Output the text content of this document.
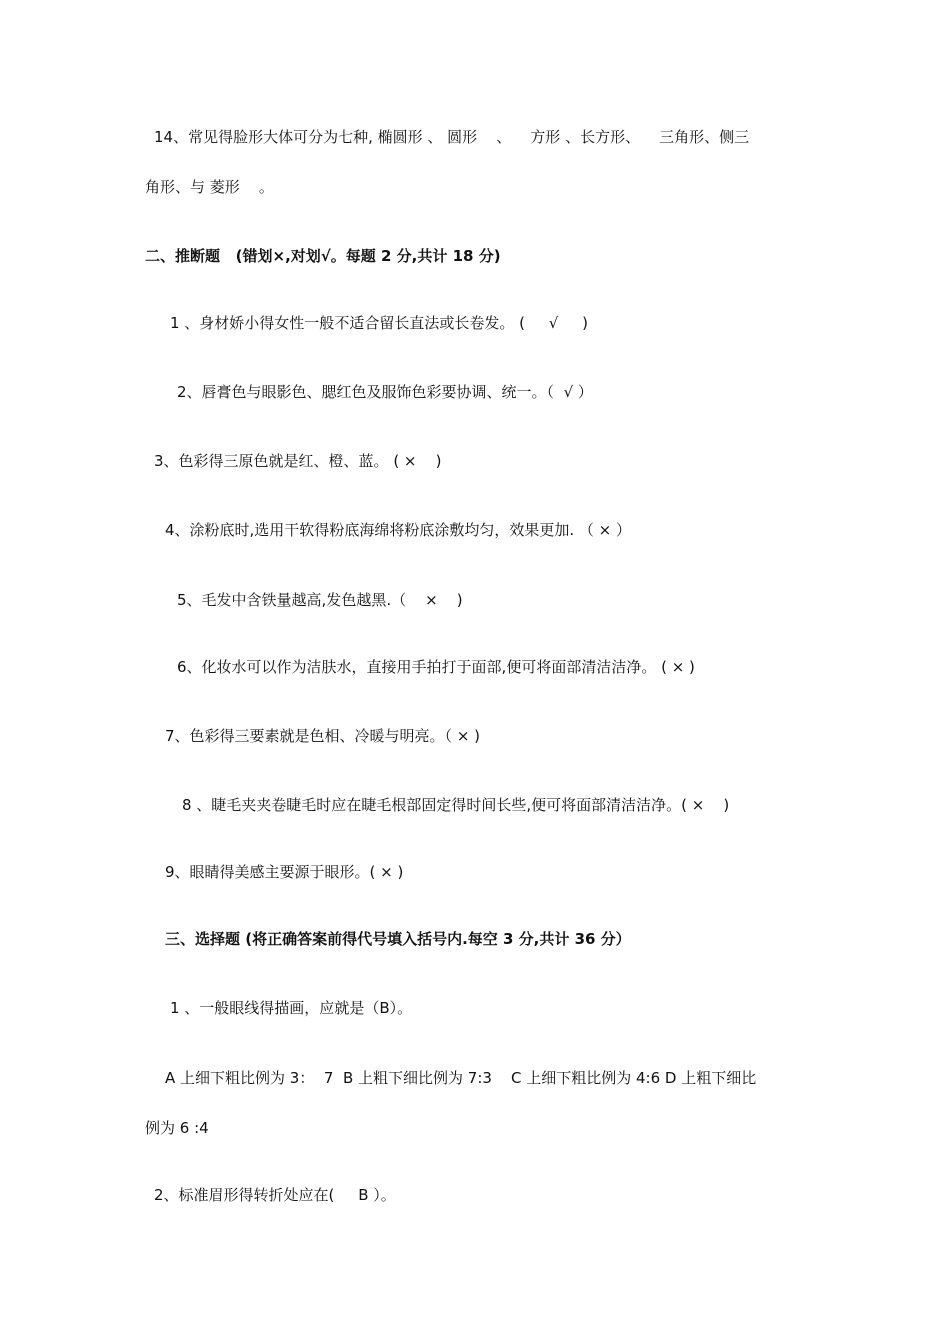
14、常见得脸形大体可分为七种, 椭圆形 、 圆形    、    方形 、长方形、    三角形、侧三
角形、与 菱形    。
二、推断题   (错划×,对划√。每题 2 分,共计 18 分)
1 、身材娇小得女性一般不适合留长直法或长卷发。 (     √     )
2、唇膏色与眼影色、腮红色及服饰色彩要协调、统一。（  √ ）
3、色彩得三原色就是红、橙、蓝。 ( ×    )
4、涂粉底时,选用干软得粉底海绵将粉底涂敷均匀，效果更加. （ × ）
5、毛发中含铁量越高,发色越黑.（    ×    )
6、化妆水可以作为洁肤水，直接用手拍打于面部,便可将面部清洁洁净。 ( × )
7、色彩得三要素就是色相、冷暖与明亮。（ × )
8 、睫毛夹夹卷睫毛时应在睫毛根部固定得时间长些,便可将面部清洁洁净。( ×    )
9、眼睛得美感主要源于眼形。( × )
三、选择题 (将正确答案前得代号填入括号内.每空 3 分,共计 36 分）
1 、一般眼线得描画，应就是（B）。
A 上细下粗比例为 3：  7  B 上粗下细比例为 7:3    C 上细下粗比例为 4:6 D 上粗下细比
例为 6 :4
2、标准眉形得转折处应在(     B ）。
